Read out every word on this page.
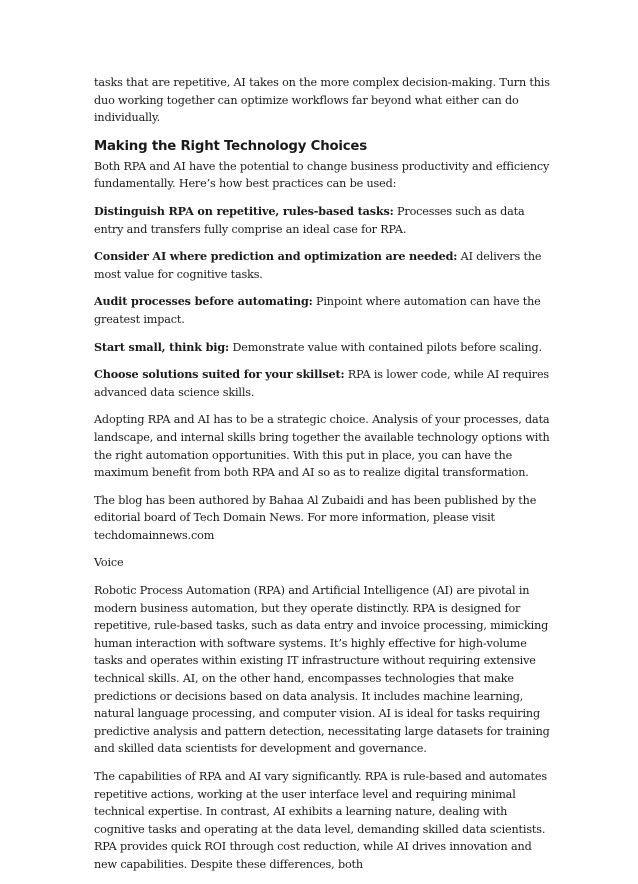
tasks that are repetitive, AI takes on the more complex decision-making. Turn this duo working together can optimize workflows far beyond what either can do individually.

Making the Right Technology Choices

Both RPA and AI have the potential to change business productivity and efficiency fundamentally. Here’s how best practices can be used:

Distinguish RPA on repetitive, rules-based tasks: Processes such as data entry and transfers fully comprise an ideal case for RPA.

Consider AI where prediction and optimization are needed: AI delivers the most value for cognitive tasks.

Audit processes before automating: Pinpoint where automation can have the greatest impact.

Start small, think big: Demonstrate value with contained pilots before scaling.

Choose solutions suited for your skillset: RPA is lower code, while AI requires advanced data science skills.

Adopting RPA and AI has to be a strategic choice. Analysis of your processes, data landscape, and internal skills bring together the available technology options with the right automation opportunities. With this put in place, you can have the maximum benefit from both RPA and AI so as to realize digital transformation.

The blog has been authored by Bahaa Al Zubaidi and has been published by the editorial board of Tech Domain News. For more information, please visit techdomainnews.com

Voice

Robotic Process Automation (RPA) and Artificial Intelligence (AI) are pivotal in modern business automation, but they operate distinctly. RPA is designed for repetitive, rule-based tasks, such as data entry and invoice processing, mimicking human interaction with software systems. It’s highly effective for high-volume tasks and operates within existing IT infrastructure without requiring extensive technical skills. AI, on the other hand, encompasses technologies that make predictions or decisions based on data analysis. It includes machine learning, natural language processing, and computer vision. AI is ideal for tasks requiring predictive analysis and pattern detection, necessitating large datasets for training and skilled data scientists for development and governance.

The capabilities of RPA and AI vary significantly. RPA is rule-based and automates repetitive actions, working at the user interface level and requiring minimal technical expertise. In contrast, AI exhibits a learning nature, dealing with cognitive tasks and operating at the data level, demanding skilled data scientists. RPA provides quick ROI through cost reduction, while AI drives innovation and new capabilities. Despite these differences, both
